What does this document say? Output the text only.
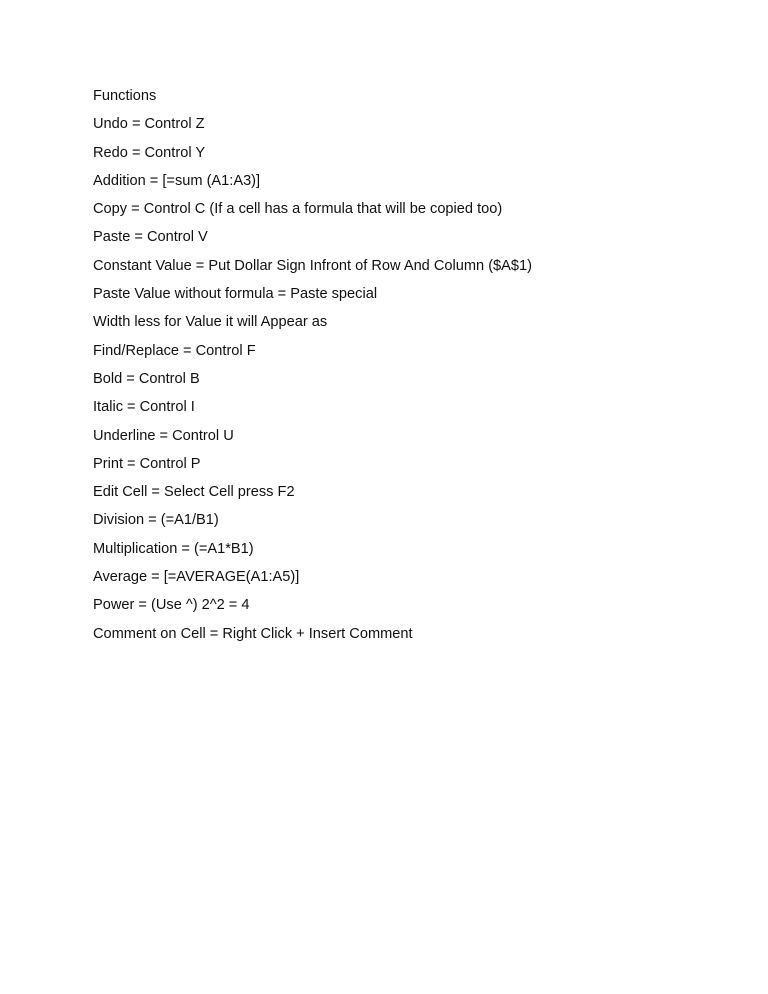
Functions
Undo = Control Z
Redo = Control Y
Addition = [=sum (A1:A3)]
Copy = Control C (If a cell has a formula that will be copied too)
Paste = Control V
Constant Value = Put Dollar Sign Infront of Row And Column ($A$1)
Paste Value without formula = Paste special
Width less for Value it will Appear as
Find/Replace = Control F
Bold = Control B
Italic = Control I
Underline = Control U
Print = Control P
Edit Cell = Select Cell press F2
Division = (=A1/B1)
Multiplication = (=A1*B1)
Average = [=AVERAGE(A1:A5)]
Power = (Use ^) 2^2 = 4
Comment on Cell = Right Click + Insert Comment
